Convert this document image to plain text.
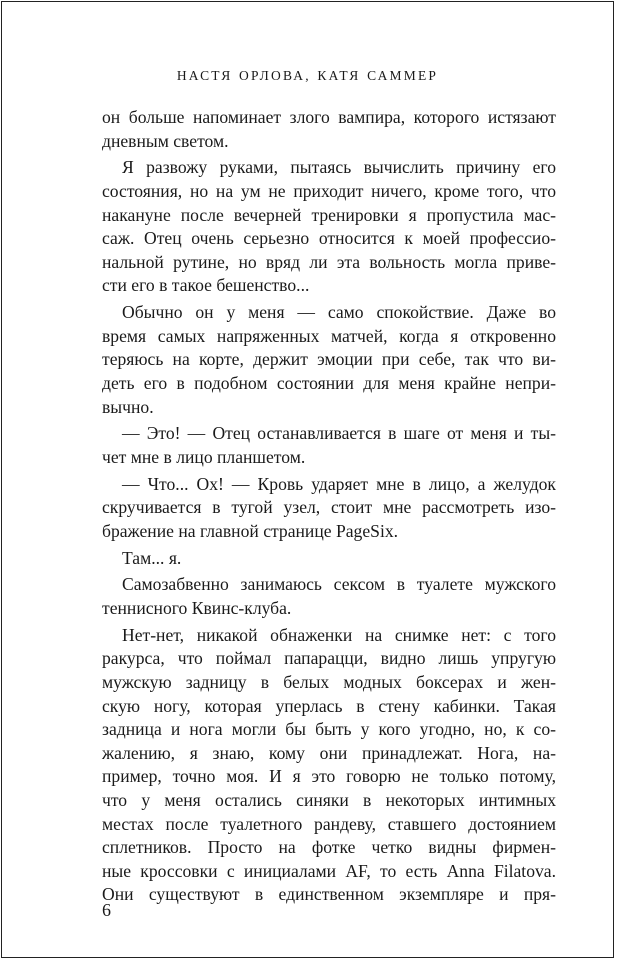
НАСТЯ ОРЛОВА, КАТЯ САММЕР
он больше напоминает злого вампира, которого истязают
дневным светом.
Я развожу руками, пытаясь вычислить причину его
состояния, но на ум не приходит ничего, кроме того, что
накануне после вечерней тренировки я пропустила мас-
саж. Отец очень серьезно относится к моей профессио-
нальной рутине, но вряд ли эта вольность могла приве-
сти его в такое бешенство...
Обычно он у меня — само спокойствие. Даже во
время самых напряженных матчей, когда я откровенно
теряюсь на корте, держит эмоции при себе, так что ви-
деть его в подобном состоянии для меня крайне непри-
вычно.
— Это! — Отец останавливается в шаге от меня и ты-
чет мне в лицо планшетом.
— Что... Ох! — Кровь ударяет мне в лицо, а желудок
скручивается в тугой узел, стоит мне рассмотреть изо-
бражение на главной странице PageSix.
Там... я.
Самозабвенно занимаюсь сексом в туалете мужского
теннисного Квинс-клуба.
Нет-нет, никакой обнаженки на снимке нет: с того
ракурса, что поймал папарацци, видно лишь упругую
мужскую задницу в белых модных боксерах и жен-
скую ногу, которая уперлась в стену кабинки. Такая
задница и нога могли бы быть у кого угодно, но, к со-
жалению, я знаю, кому они принадлежат. Нога, на-
пример, точно моя. И я это говорю не только потому,
что у меня остались синяки в некоторых интимных
местах после туалетного рандеву, ставшего достоянием
сплетников. Просто на фотке четко видны фирмен-
ные кроссовки с инициалами AF, то есть Anna Filatova.
Они существуют в единственном экземпляре и пря-
6
